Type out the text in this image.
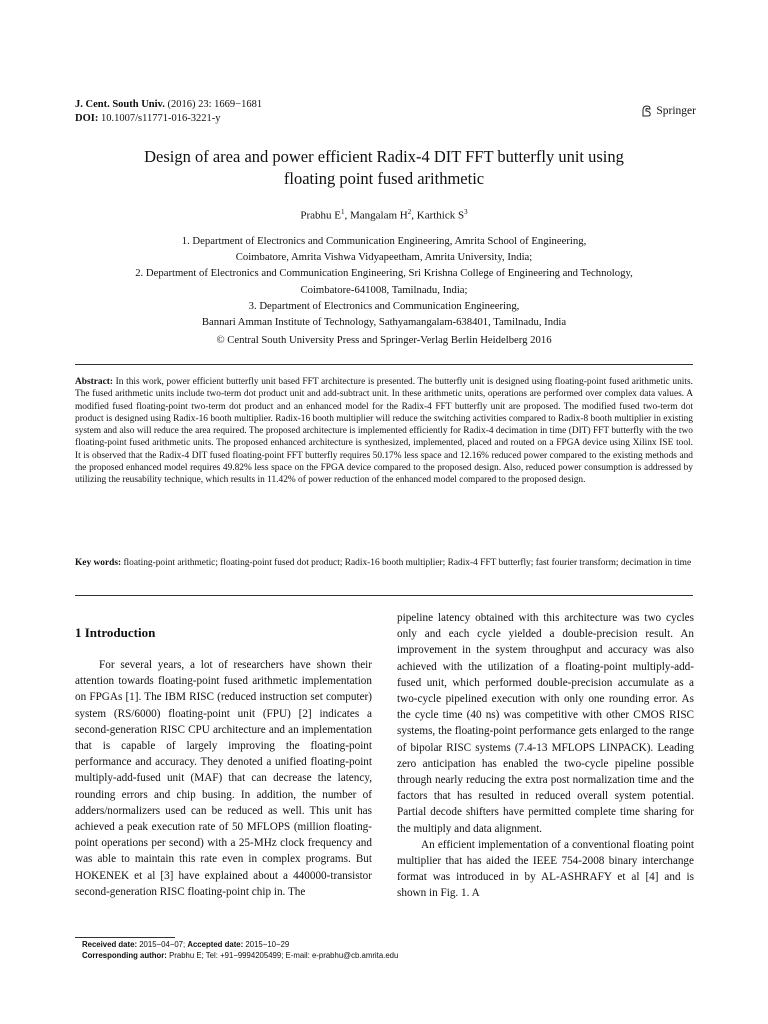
J. Cent. South Univ. (2016) 23: 1669−1681
DOI: 10.1007/s11771-016-3221-y
Springer
Design of area and power efficient Radix-4 DIT FFT butterfly unit using
floating point fused arithmetic
Prabhu $E^1$, Mangalam $H^2$, Karthick $S^3$
1. Department of Electronics and Communication Engineering, Amrita School of Engineering,
Coimbatore, Amrita Vishwa Vidyapeetham, Amrita University, India;
2. Department of Electronics and Communication Engineering, Sri Krishna College of Engineering and Technology,
Coimbatore-641008, Tamilnadu, India;
3. Department of Electronics and Communication Engineering,
Bannari Amman Institute of Technology, Sathyamangalam-638401, Tamilnadu, India
© Central South University Press and Springer-Verlag Berlin Heidelberg 2016
Abstract: In this work, power efficient butterfly unit based FFT architecture is presented. The butterfly unit is designed using floating-point fused arithmetic units. The fused arithmetic units include two-term dot product unit and add-subtract unit. In these arithmetic units, operations are performed over complex data values. A modified fused floating-point two-term dot product and an enhanced model for the Radix-4 FFT butterfly unit are proposed. The modified fused two-term dot product is designed using Radix-16 booth multiplier. Radix-16 booth multiplier will reduce the switching activities compared to Radix-8 booth multiplier in existing system and also will reduce the area required. The proposed architecture is implemented efficiently for Radix-4 decimation in time (DIT) FFT butterfly with the two floating-point fused arithmetic units. The proposed enhanced architecture is synthesized, implemented, placed and routed on a FPGA device using Xilinx ISE tool. It is observed that the Radix-4 DIT fused floating-point FFT butterfly requires 50.17% less space and 12.16% reduced power compared to the existing methods and the proposed enhanced model requires 49.82% less space on the FPGA device compared to the proposed design. Also, reduced power consumption is addressed by utilizing the reusability technique, which results in 11.42% of power reduction of the enhanced model compared to the proposed design.
Key words: floating-point arithmetic; floating-point fused dot product; Radix-16 booth multiplier; Radix-4 FFT butterfly; fast fourier transform; decimation in time
1 Introduction

For several years, a lot of researchers have shown their attention towards floating-point fused arithmetic implementation on FPGAs [1]. The IBM RISC (reduced instruction set computer) system (RS/6000) floating-point unit (FPU) [2] indicates a second-generation RISC CPU architecture and an implementation that is capable of largely improving the floating-point performance and accuracy. They denoted a unified floating-point multiply-add-fused unit (MAF) that can decrease the latency, rounding errors and chip busing. In addition, the number of adders/normalizers used can be reduced as well. This unit has achieved a peak execution rate of 50 MFLOPS (million floating-point operations per second) with a 25-MHz clock frequency and was able to maintain this rate even in complex programs. But HOKENEK et al [3] have explained about a 440000-transistor second-generation RISC floating-point chip in. The

pipeline latency obtained with this architecture was two cycles only and each cycle yielded a double-precision result. An improvement in the system throughput and accuracy was also achieved with the utilization of a floating-point multiply-add-fused unit, which performed double-precision accumulate as a two-cycle pipelined execution with only one rounding error. As the cycle time (40 ns) was competitive with other CMOS RISC systems, the floating-point performance gets enlarged to the range of bipolar RISC systems (7.4-13 MFLOPS LINPACK). Leading zero anticipation has enabled the two-cycle pipeline possible through nearly reducing the extra post normalization time and the factors that has resulted in reduced overall system potential. Partial decode shifters have permitted complete time sharing for the multiply and data alignment.

An efficient implementation of a conventional floating point multiplier that has aided the IEEE 754-2008 binary interchange format was introduced in by AL-ASHRAFY et al [4] and is shown in Fig. 1. A

Received date: 2015−04−07; Accepted date: 2015−10−29
Corresponding author: Prabhu E; Tel: +91−9994205499; E-mail: e-prabhu@cb.amrita.edu
